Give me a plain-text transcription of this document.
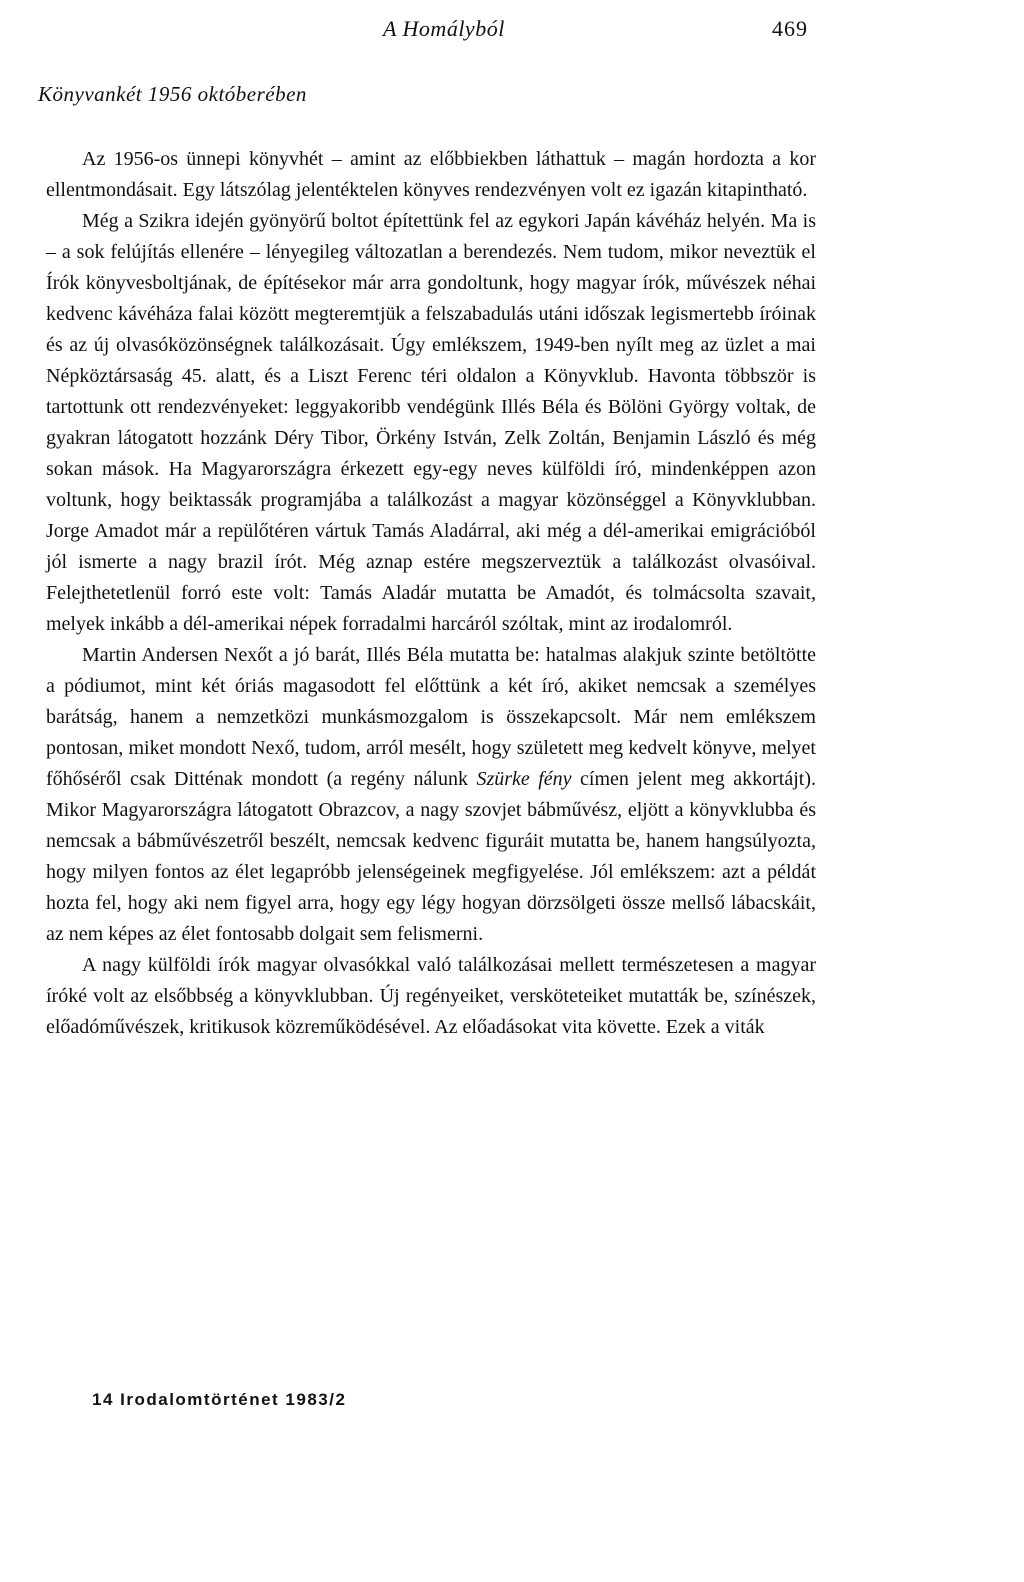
A Homályból	469
Könyvankét 1956 októberében

Az 1956-os ünnepi könyvhét – amint az előbbiekben láthattuk – magán hordozta a kor ellentmondásait. Egy látszólag jelentéktelen könyves rendezvényen volt ez igazán kitapintható.

Még a Szikra idején gyönyörű boltot építettünk fel az egykori Japán kávéház helyén. Ma is – a sok felújítás ellenére – lényegileg változatlan a berendezés. Nem tudom, mikor neveztük el Írók könyvesboltjának, de építésekor már arra gondoltunk, hogy magyar írók, művészek néhai kedvenc kávéháza falai között megteremtjük a felszabadulás utáni időszak legismertebb íróinak és az új olvasóközönségnek találkozásait. Úgy emlékszem, 1949-ben nyílt meg az üzlet a mai Népköztársaság 45. alatt, és a Liszt Ferenc téri oldalon a Könyvklub. Havonta többször is tartottunk ott rendezvényeket: leggyakoribb vendégünk Illés Béla és Bölöni György voltak, de gyakran látogatott hozzánk Déry Tibor, Örkény István, Zelk Zoltán, Benjamin László és még sokan mások. Ha Magyarországra érkezett egy-egy neves külföldi író, mindenképpen azon voltunk, hogy beiktassák programjába a találkozást a magyar közönséggel a Könyvklubban. Jorge Amadot már a repülőtéren vártuk Tamás Aladárral, aki még a dél-amerikai emigrációból jól ismerte a nagy brazil írót. Még aznap estére megszerveztük a találkozást olvasóival. Felejthetetlenül forró este volt: Tamás Aladár mutatta be Amadót, és tolmácsolta szavait, melyek inkább a dél-amerikai népek forradalmi harcáról szóltak, mint az irodalomról.

Martin Andersen Nexőt a jó barát, Illés Béla mutatta be: hatalmas alakjuk szinte betöltötte a pódiumot, mint két óriás magasodott fel előttünk a két író, akiket nemcsak a személyes barátság, hanem a nemzetközi munkásmozgalom is összekapcsolt. Már nem emlékszem pontosan, miket mondott Nexő, tudom, arról mesélt, hogy született meg kedvelt könyve, melyet főhőséről csak Ditténak mondott (a regény nálunk Szürke fény címen jelent meg akkortájt). Mikor Magyarországra látogatott Obrazcov, a nagy szovjet bábművész, eljött a könyvklubba és nemcsak a bábművészetről beszélt, nemcsak kedvenc figuráit mutatta be, hanem hangsúlyozta, hogy milyen fontos az élet legapróbb jelenségeinek megfigyelése. Jól emlékszem: azt a példát hozta fel, hogy aki nem figyel arra, hogy egy légy hogyan dörzsölgeti össze mellső lábacskáit, az nem képes az élet fontosabb dolgait sem felismerni.

A nagy külföldi írók magyar olvasókkal való találkozásai mellett természetesen a magyar íróké volt az elsőbbség a könyvklubban. Új regényeiket, versköteteiket mutatták be, színészek, előadóművészek, kritikusok közreműködésével. Az előadásokat vita követte. Ezek a viták

14 Irodalomtörténet 1983/2
